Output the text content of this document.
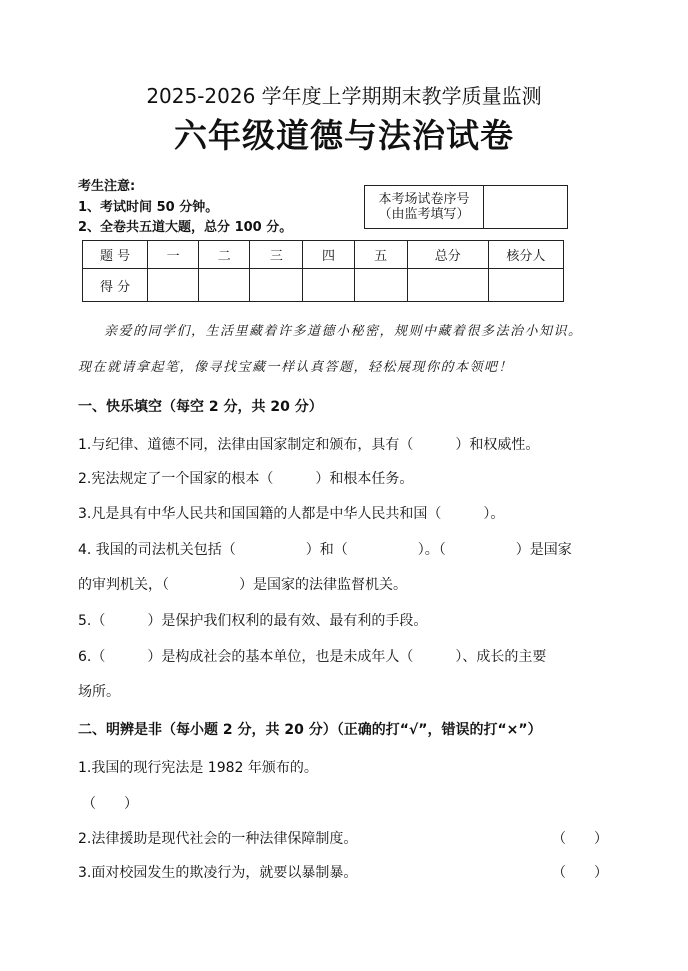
2025-2026 学年度上学期期末教学质量监测
六年级道德与法治试卷
考生注意:
1、考试时间 50 分钟。
2、全卷共五道大题，总分 100 分。
本考场试卷序号
（由监考填写）

题 号	一	二	三	四	五	总分	核分人
得 分							
亲爱的同学们，生活里藏着许多道德小秘密，规则中藏着很多法治小知识。
现在就请拿起笔，像寻找宝藏一样认真答题，轻松展现你的本领吧！
一、快乐填空（每空 2 分，共 20 分）
1.与纪律、道德不同，法律由国家制定和颁布，具有（　　　）和权威性。
2.宪法规定了一个国家的根本（　　　）和根本任务。
3.凡是具有中华人民共和国国籍的人都是中华人民共和国（　　　）。
4. 我国的司法机关包括（　　　　　）和（　　　　　）。（　　　　　）是国家
的审判机关，（　　　　　）是国家的法律监督机关。
5.（　　　）是保护我们权利的最有效、最有利的手段。
6.（　　　）是构成社会的基本单位，也是未成年人（　　　）、成长的主要
场所。
二、明辨是非（每小题 2 分，共 20 分）（正确的打“√”，错误的打“×”）
1.我国的现行宪法是 1982 年颁布的。
（　　）
2.法律援助是现代社会的一种法律保障制度。	（　　）
3.面对校园发生的欺凌行为，就要以暴制暴。	（　　）
